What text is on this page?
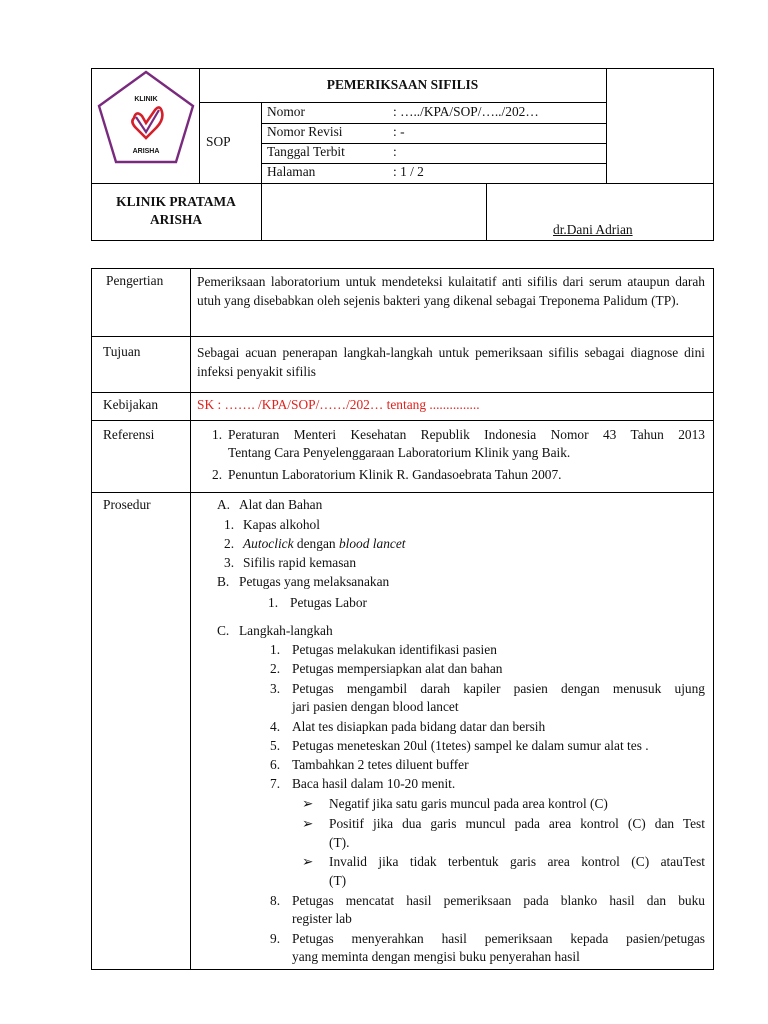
KLINIK
ARISHA
PEMERIKSAAN SIFILIS
SOP
Nomor	: …../KPA/SOP/…../202…
Nomor Revisi	: -
Tanggal Terbit	:
Halaman	: 1 / 2
KLINIK PRATAMA
ARISHA
dr.Dani Adrian
Pengertian	Pemeriksaan laboratorium untuk mendeteksi kulaitatif anti sifilis dari serum ataupun darah utuh yang disebabkan oleh sejenis bakteri yang dikenal sebagai Treponema Palidum (TP).
Tujuan	Sebagai acuan penerapan langkah-langkah untuk pemeriksaan sifilis sebagai diagnose dini infeksi penyakit sifilis
Kebijakan	SK : ……. /KPA/SOP/……/202… tentang ...............
Referensi	1. Peraturan Menteri Kesehatan Republik Indonesia Nomor 43 Tahun 2013
Tentang Cara Penyelenggaraan Laboratorium Klinik yang Baik.
2. Penuntun Laboratorium Klinik R. Gandasoebrata Tahun 2007.
Prosedur	A. Alat dan Bahan
1. Kapas alkohol
2. Autoclick dengan blood lancet
3. Sifilis rapid kemasan
B. Petugas yang melaksanakan
1. Petugas Labor
C. Langkah-langkah
1. Petugas melakukan identifikasi pasien
2. Petugas mempersiapkan alat dan bahan
3. Petugas mengambil darah kapiler pasien dengan menusuk ujung
jari pasien dengan blood lancet
4. Alat tes disiapkan pada bidang datar dan bersih
5. Petugas meneteskan 20ul (1tetes) sampel ke dalam sumur alat tes .
6. Tambahkan 2 tetes diluent buffer
7. Baca hasil dalam 10-20 menit.
➢ Negatif jika satu garis muncul pada area kontrol (C)
➢ Positif jika dua garis muncul pada area kontrol (C) dan Test
(T).
➢ Invalid jika tidak terbentuk garis area kontrol (C) atauTest
(T)
8. Petugas mencatat hasil pemeriksaan pada blanko hasil dan buku
register lab
9. Petugas menyerahkan hasil pemeriksaan kepada pasien/petugas
yang meminta dengan mengisi buku penyerahan hasil
